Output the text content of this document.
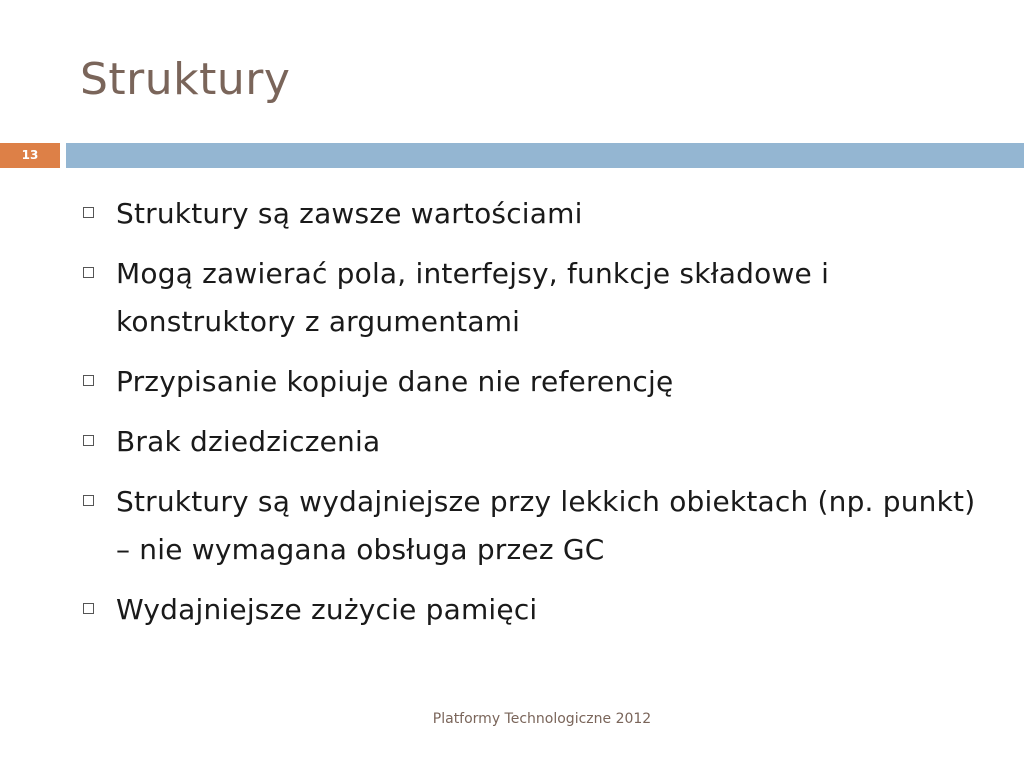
Struktury
13
Struktury są zawsze wartościami
Mogą zawierać pola, interfejsy, funkcje składowe i konstruktory z argumentami
Przypisanie kopiuje dane nie referencję
Brak dziedziczenia
Struktury są wydajniejsze przy lekkich obiektach (np. punkt) – nie wymagana obsługa przez GC
Wydajniejsze zużycie pamięci
Platformy Technologiczne 2012
